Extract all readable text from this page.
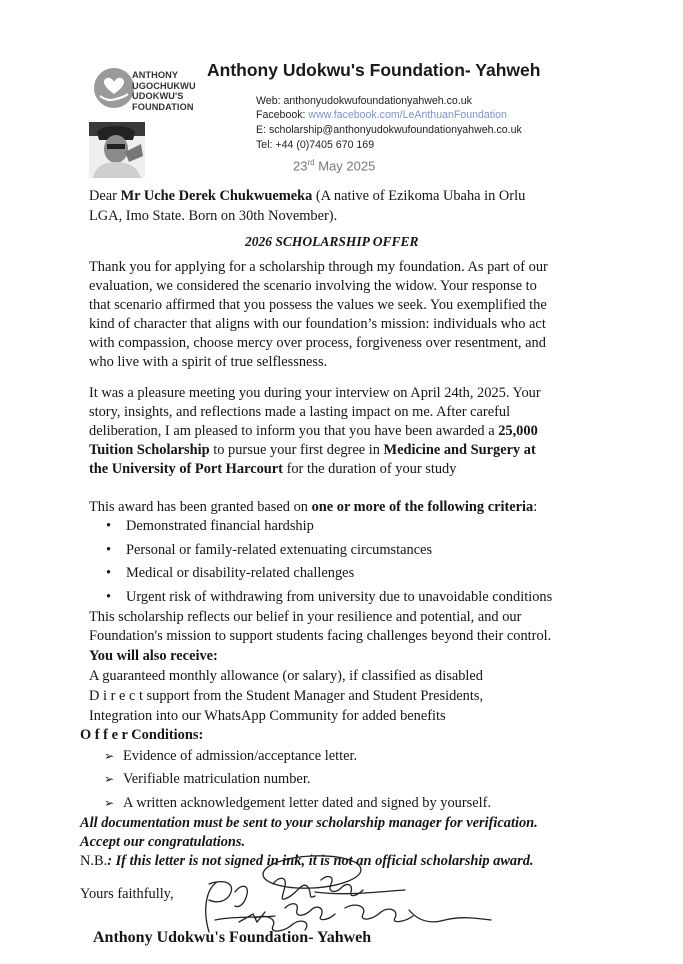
ANTHONY
UGOCHUKWU
UDOKWU'S
FOUNDATION
Anthony Udokwu's Foundation- Yahweh
Web: anthonyudokwufoundationyahweh.co.uk
Facebook: www.facebook.com/LeAnthuanFoundation
E: scholarship@anthonyudokwufoundationyahweh.co.uk
Tel: +44 (0)7405 670 169
23rd May 2025
Dear Mr Uche Derek Chukwuemeka (A native of Ezikoma Ubaha in Orlu
LGA, Imo State. Born on 30th November).
2026 SCHOLARSHIP OFFER
Thank you for applying for a scholarship through my foundation. As part of our
evaluation, we considered the scenario involving the widow. Your response to
that scenario affirmed that you possess the values we seek. You exemplified the
kind of character that aligns with our foundation’s mission: individuals who act
with compassion, choose mercy over process, forgiveness over resentment, and
who live with a spirit of true selflessness.
It was a pleasure meeting you during your interview on April 24th, 2025. Your
story, insights, and reflections made a lasting impact on me. After careful
deliberation, I am pleased to inform you that you have been awarded a 25,000
Tuition Scholarship to pursue your first degree in Medicine and Surgery at
the University of Port Harcourt for the duration of your study
This award has been granted based on one or more of the following criteria:
• Demonstrated financial hardship
• Personal or family-related extenuating circumstances
• Medical or disability-related challenges
• Urgent risk of withdrawing from university due to unavoidable conditions
This scholarship reflects our belief in your resilience and potential, and our
Foundation's mission to support students facing challenges beyond their control.
You will also receive:
A guaranteed monthly allowance (or salary), if classified as disabled
D i r e c t support from the Student Manager and Student Presidents,
Integration into our WhatsApp Community for added benefits
O f f e r Conditions:
➢ Evidence of admission/acceptance letter.
➢ Verifiable matriculation number.
➢ A written acknowledgement letter dated and signed by yourself.
All documentation must be sent to your scholarship manager for verification.
Accept our congratulations.
N.B.: If this letter is not signed in ink, it is not an official scholarship award.
Yours faithfully,
Anthony Udokwu's Foundation- Yahweh
